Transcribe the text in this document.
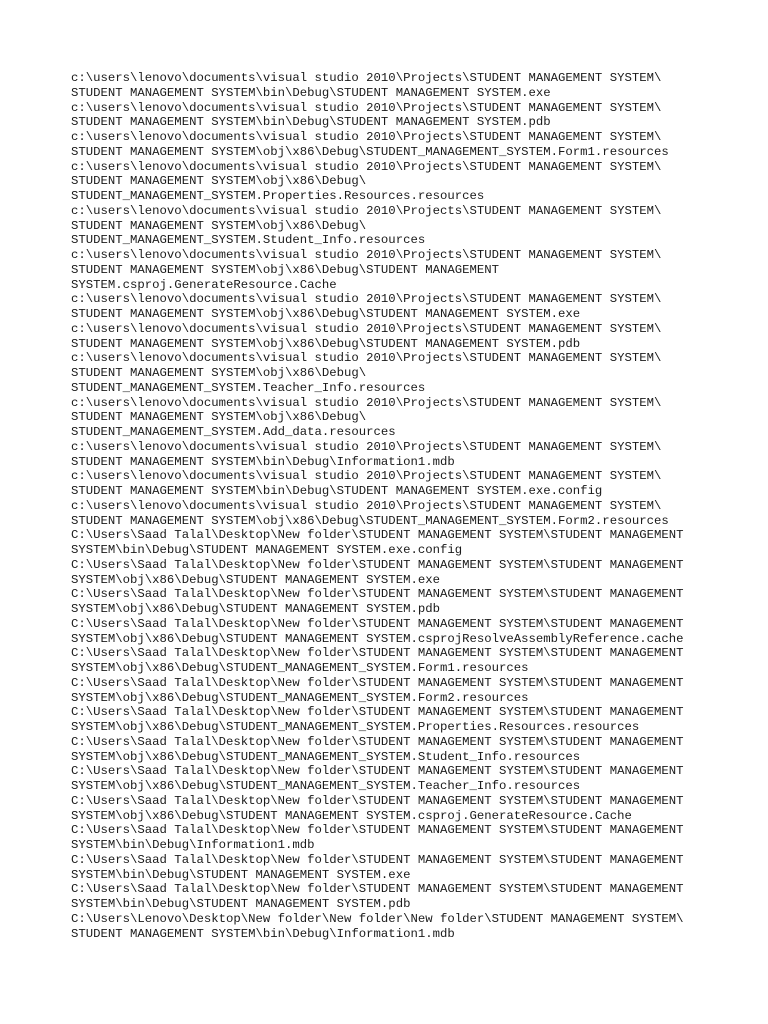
c:\users\lenovo\documents\visual studio 2010\Projects\STUDENT MANAGEMENT SYSTEM\
STUDENT MANAGEMENT SYSTEM\bin\Debug\STUDENT MANAGEMENT SYSTEM.exe
c:\users\lenovo\documents\visual studio 2010\Projects\STUDENT MANAGEMENT SYSTEM\
STUDENT MANAGEMENT SYSTEM\bin\Debug\STUDENT MANAGEMENT SYSTEM.pdb
c:\users\lenovo\documents\visual studio 2010\Projects\STUDENT MANAGEMENT SYSTEM\
STUDENT MANAGEMENT SYSTEM\obj\x86\Debug\STUDENT_MANAGEMENT_SYSTEM.Form1.resources
c:\users\lenovo\documents\visual studio 2010\Projects\STUDENT MANAGEMENT SYSTEM\
STUDENT MANAGEMENT SYSTEM\obj\x86\Debug\
STUDENT_MANAGEMENT_SYSTEM.Properties.Resources.resources
c:\users\lenovo\documents\visual studio 2010\Projects\STUDENT MANAGEMENT SYSTEM\
STUDENT MANAGEMENT SYSTEM\obj\x86\Debug\
STUDENT_MANAGEMENT_SYSTEM.Student_Info.resources
c:\users\lenovo\documents\visual studio 2010\Projects\STUDENT MANAGEMENT SYSTEM\
STUDENT MANAGEMENT SYSTEM\obj\x86\Debug\STUDENT MANAGEMENT
SYSTEM.csproj.GenerateResource.Cache
c:\users\lenovo\documents\visual studio 2010\Projects\STUDENT MANAGEMENT SYSTEM\
STUDENT MANAGEMENT SYSTEM\obj\x86\Debug\STUDENT MANAGEMENT SYSTEM.exe
c:\users\lenovo\documents\visual studio 2010\Projects\STUDENT MANAGEMENT SYSTEM\
STUDENT MANAGEMENT SYSTEM\obj\x86\Debug\STUDENT MANAGEMENT SYSTEM.pdb
c:\users\lenovo\documents\visual studio 2010\Projects\STUDENT MANAGEMENT SYSTEM\
STUDENT MANAGEMENT SYSTEM\obj\x86\Debug\
STUDENT_MANAGEMENT_SYSTEM.Teacher_Info.resources
c:\users\lenovo\documents\visual studio 2010\Projects\STUDENT MANAGEMENT SYSTEM\
STUDENT MANAGEMENT SYSTEM\obj\x86\Debug\
STUDENT_MANAGEMENT_SYSTEM.Add_data.resources
c:\users\lenovo\documents\visual studio 2010\Projects\STUDENT MANAGEMENT SYSTEM\
STUDENT MANAGEMENT SYSTEM\bin\Debug\Information1.mdb
c:\users\lenovo\documents\visual studio 2010\Projects\STUDENT MANAGEMENT SYSTEM\
STUDENT MANAGEMENT SYSTEM\bin\Debug\STUDENT MANAGEMENT SYSTEM.exe.config
c:\users\lenovo\documents\visual studio 2010\Projects\STUDENT MANAGEMENT SYSTEM\
STUDENT MANAGEMENT SYSTEM\obj\x86\Debug\STUDENT_MANAGEMENT_SYSTEM.Form2.resources
C:\Users\Saad Talal\Desktop\New folder\STUDENT MANAGEMENT SYSTEM\STUDENT MANAGEMENT
SYSTEM\bin\Debug\STUDENT MANAGEMENT SYSTEM.exe.config
C:\Users\Saad Talal\Desktop\New folder\STUDENT MANAGEMENT SYSTEM\STUDENT MANAGEMENT
SYSTEM\obj\x86\Debug\STUDENT MANAGEMENT SYSTEM.exe
C:\Users\Saad Talal\Desktop\New folder\STUDENT MANAGEMENT SYSTEM\STUDENT MANAGEMENT
SYSTEM\obj\x86\Debug\STUDENT MANAGEMENT SYSTEM.pdb
C:\Users\Saad Talal\Desktop\New folder\STUDENT MANAGEMENT SYSTEM\STUDENT MANAGEMENT
SYSTEM\obj\x86\Debug\STUDENT MANAGEMENT SYSTEM.csprojResolveAssemblyReference.cache
C:\Users\Saad Talal\Desktop\New folder\STUDENT MANAGEMENT SYSTEM\STUDENT MANAGEMENT
SYSTEM\obj\x86\Debug\STUDENT_MANAGEMENT_SYSTEM.Form1.resources
C:\Users\Saad Talal\Desktop\New folder\STUDENT MANAGEMENT SYSTEM\STUDENT MANAGEMENT
SYSTEM\obj\x86\Debug\STUDENT_MANAGEMENT_SYSTEM.Form2.resources
C:\Users\Saad Talal\Desktop\New folder\STUDENT MANAGEMENT SYSTEM\STUDENT MANAGEMENT
SYSTEM\obj\x86\Debug\STUDENT_MANAGEMENT_SYSTEM.Properties.Resources.resources
C:\Users\Saad Talal\Desktop\New folder\STUDENT MANAGEMENT SYSTEM\STUDENT MANAGEMENT
SYSTEM\obj\x86\Debug\STUDENT_MANAGEMENT_SYSTEM.Student_Info.resources
C:\Users\Saad Talal\Desktop\New folder\STUDENT MANAGEMENT SYSTEM\STUDENT MANAGEMENT
SYSTEM\obj\x86\Debug\STUDENT_MANAGEMENT_SYSTEM.Teacher_Info.resources
C:\Users\Saad Talal\Desktop\New folder\STUDENT MANAGEMENT SYSTEM\STUDENT MANAGEMENT
SYSTEM\obj\x86\Debug\STUDENT MANAGEMENT SYSTEM.csproj.GenerateResource.Cache
C:\Users\Saad Talal\Desktop\New folder\STUDENT MANAGEMENT SYSTEM\STUDENT MANAGEMENT
SYSTEM\bin\Debug\Information1.mdb
C:\Users\Saad Talal\Desktop\New folder\STUDENT MANAGEMENT SYSTEM\STUDENT MANAGEMENT
SYSTEM\bin\Debug\STUDENT MANAGEMENT SYSTEM.exe
C:\Users\Saad Talal\Desktop\New folder\STUDENT MANAGEMENT SYSTEM\STUDENT MANAGEMENT
SYSTEM\bin\Debug\STUDENT MANAGEMENT SYSTEM.pdb
C:\Users\Lenovo\Desktop\New folder\New folder\New folder\STUDENT MANAGEMENT SYSTEM\
STUDENT MANAGEMENT SYSTEM\bin\Debug\Information1.mdb
